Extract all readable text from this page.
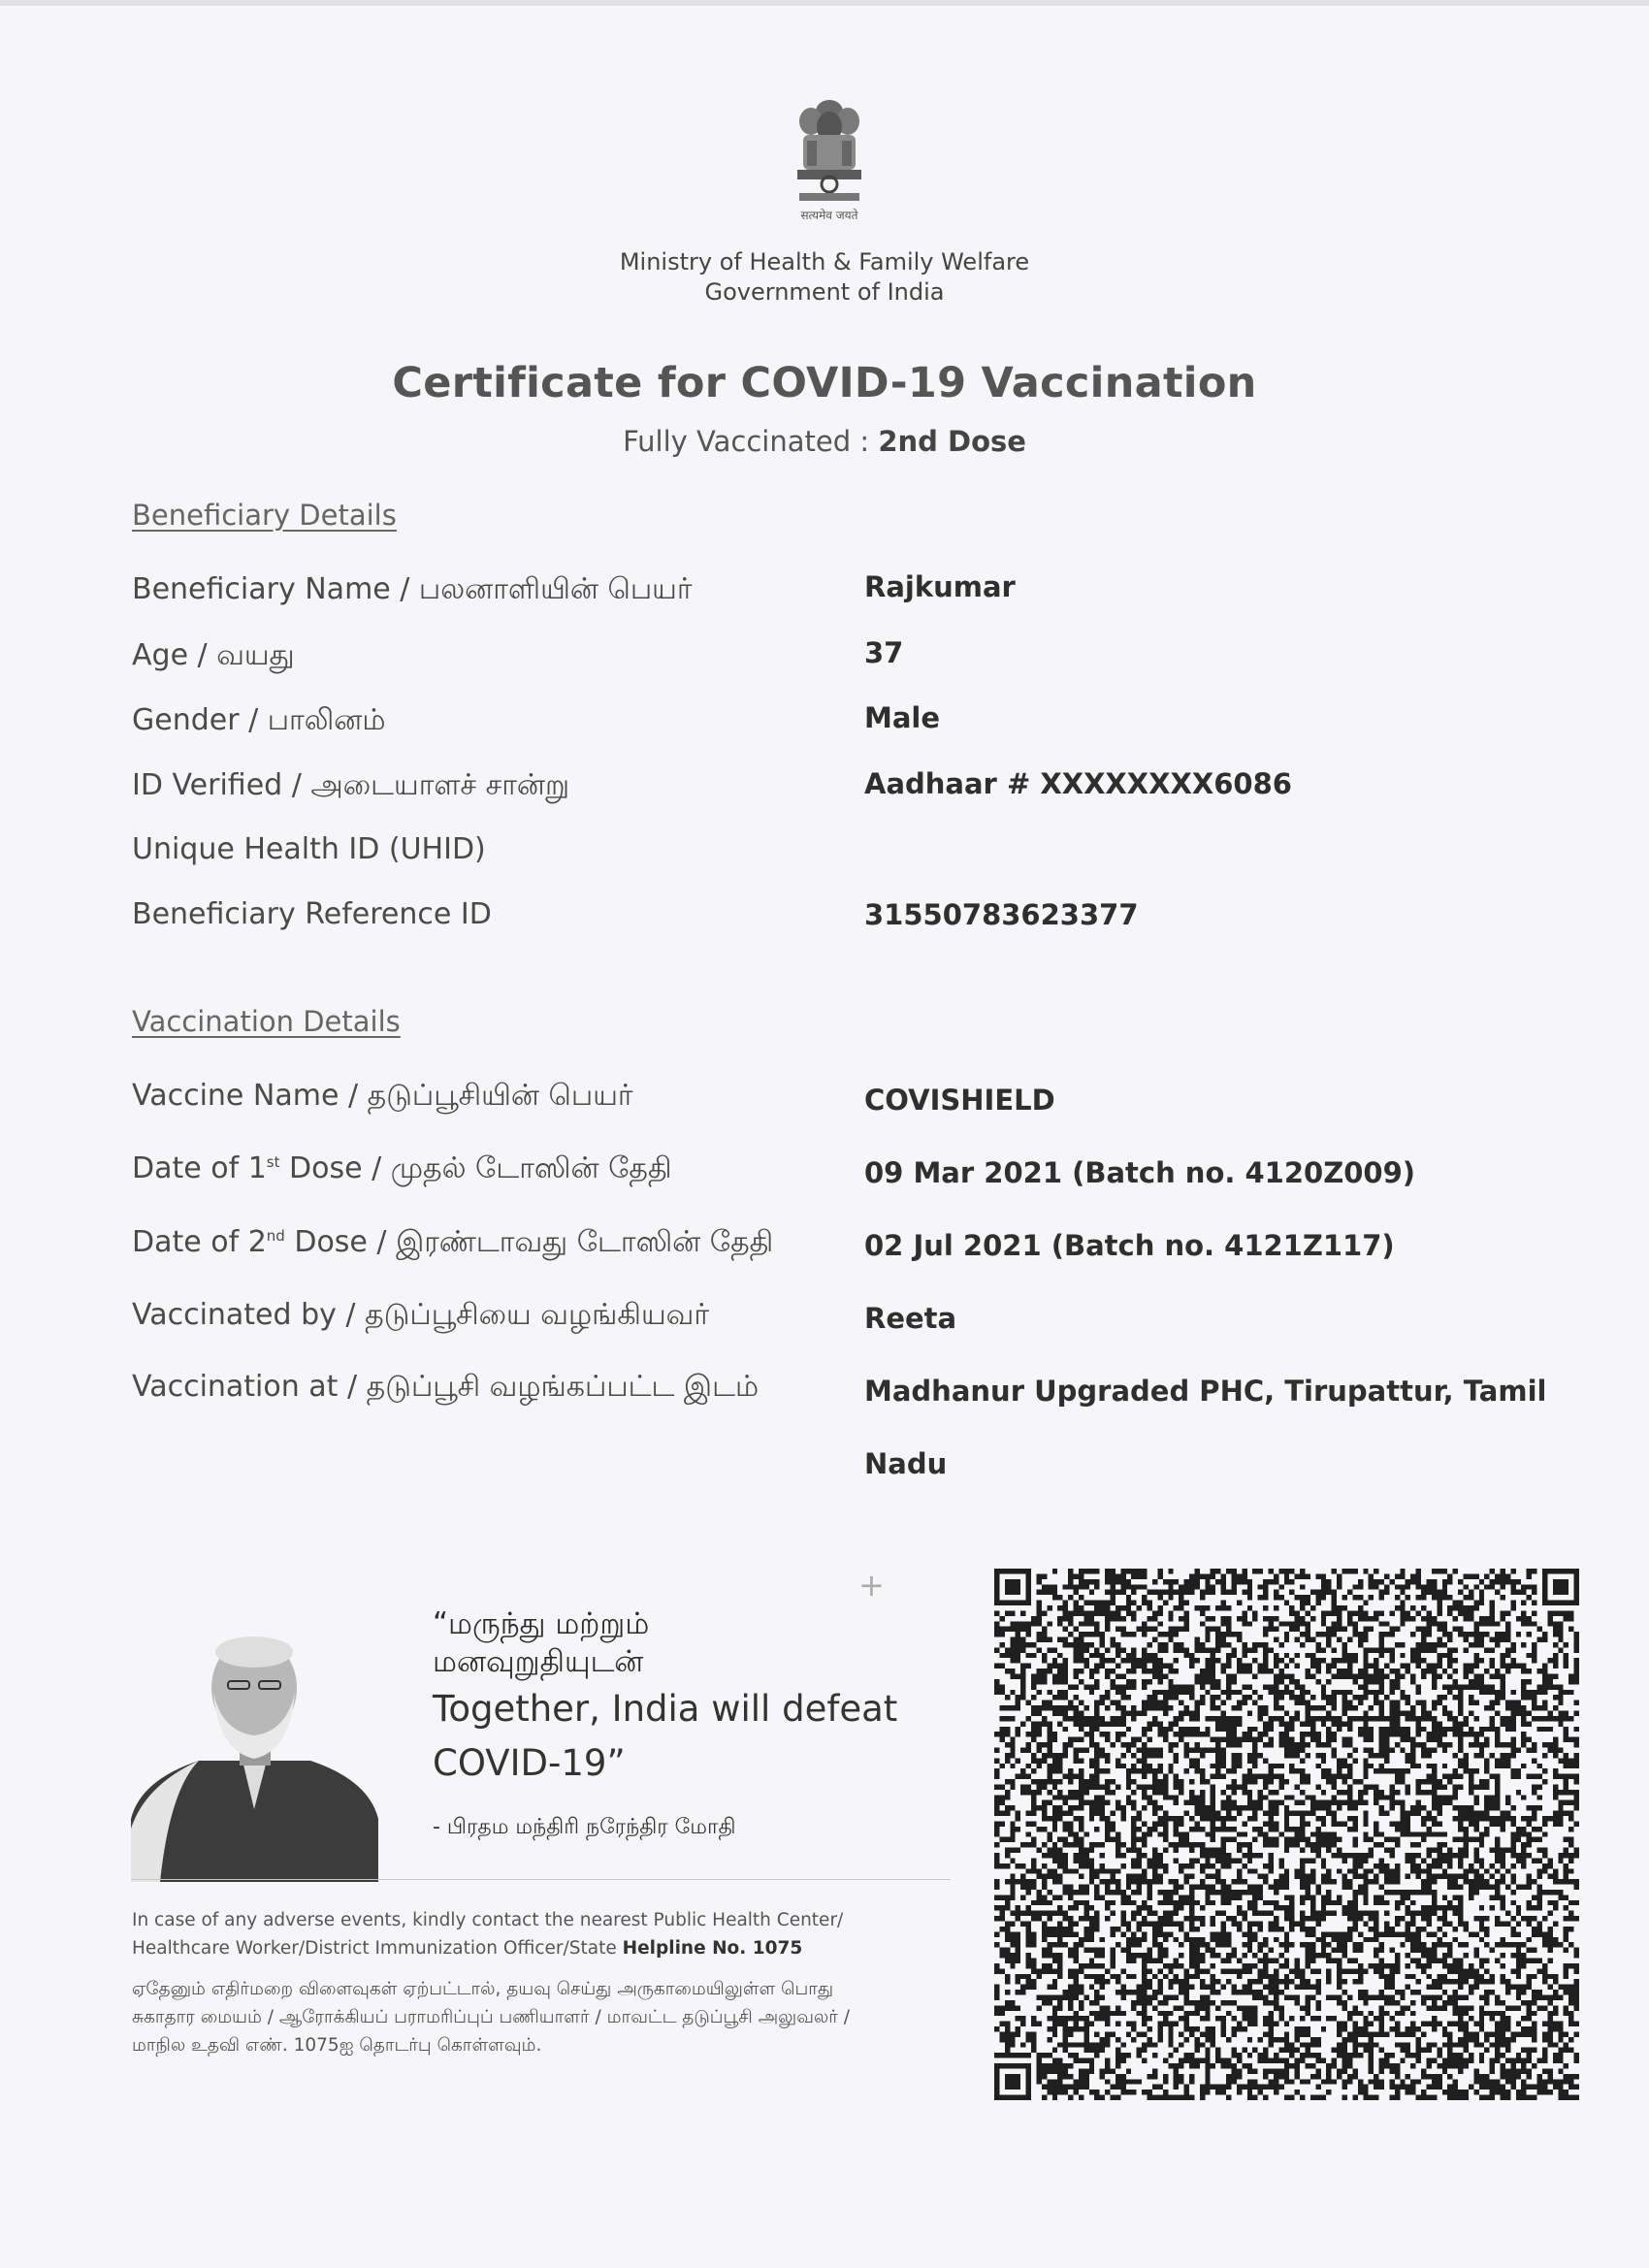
सत्यमेव जयते
Ministry of Health & Family Welfare
Government of India
Certificate for COVID-19 Vaccination
Fully Vaccinated : 2nd Dose
Beneficiary Details
Beneficiary Name / பலனாளியின் பெயர்	Rajkumar
Age / வயது	37
Gender / பாலினம்	Male
ID Verified / அடையாளச் சான்று	Aadhaar # XXXXXXXX6086
Unique Health ID (UHID)
Beneficiary Reference ID	31550783623377
Vaccination Details
Vaccine Name / தடுப்பூசியின் பெயர்	COVISHIELD
Date of 1st Dose / முதல் டோஸின் தேதி	09 Mar 2021 (Batch no. 4120Z009)
Date of 2nd Dose / இரண்டாவது டோஸின் தேதி	02 Jul 2021 (Batch no. 4121Z117)
Vaccinated by / தடுப்பூசியை வழங்கியவர்	Reeta
Vaccination at / தடுப்பூசி வழங்கப்பட்ட இடம்	Madhanur Upgraded PHC, Tirupattur, Tamil
Nadu
+
“மருந்து மற்றும்
மனவுறுதியுடன்
Together, India will defeat
COVID-19”
- பிரதம மந்திரி நரேந்திர மோதி
In case of any adverse events, kindly contact the nearest Public Health Center/
Healthcare Worker/District Immunization Officer/State Helpline No. 1075
ஏதேனும் எதிர்மறை விளைவுகள் ஏற்பட்டால், தயவு செய்து அருகாமையிலுள்ள பொது
சுகாதார மையம் / ஆரோக்கியப் பராமரிப்புப் பணியாளர் / மாவட்ட தடுப்பூசி அலுவலர் /
மாநில உதவி எண். 1075ஐ தொடர்பு கொள்ளவும்.
